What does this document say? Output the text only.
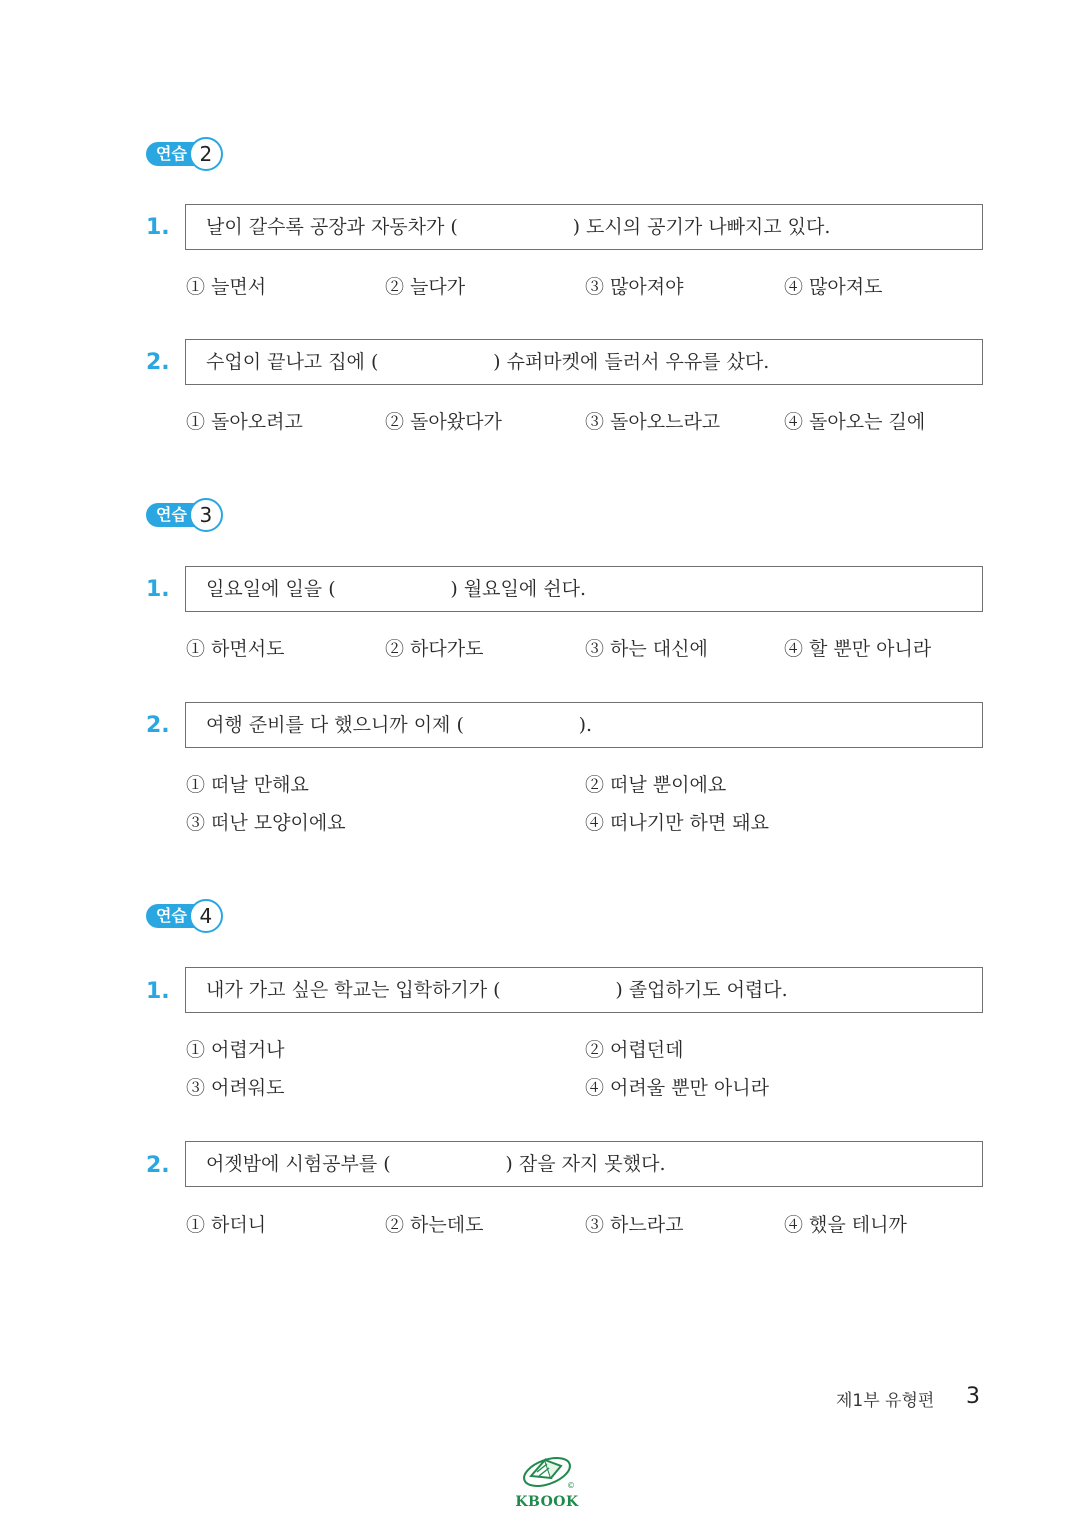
연습 2
1.	날이 갈수록 공장과 자동차가 (                   ) 도시의 공기가 나빠지고 있다.
① 늘면서	② 늘다가	③ 많아져야	④ 많아져도
2.	수업이 끝나고 집에 (                   ) 슈퍼마켓에 들러서 우유를 샀다.
① 돌아오려고	② 돌아왔다가	③ 돌아오느라고	④ 돌아오는 길에
연습 3
1.	일요일에 일을 (                   ) 월요일에 쉰다.
① 하면서도	② 하다가도	③ 하는 대신에	④ 할 뿐만 아니라
2.	여행 준비를 다 했으니까 이제 (                   ).
① 떠날 만해요	② 떠날 뿐이에요
③ 떠난 모양이에요	④ 떠나기만 하면 돼요
연습 4
1.	내가 가고 싶은 학교는 입학하기가 (                   ) 졸업하기도 어렵다.
① 어렵거나	② 어렵던데
③ 어려워도	④ 어려울 뿐만 아니라
2.	어젯밤에 시험공부를 (                   ) 잠을 자지 못했다.
① 하더니	② 하는데도	③ 하느라고	④ 했을 테니까
제1부 유형편 3
©
KBOOK
